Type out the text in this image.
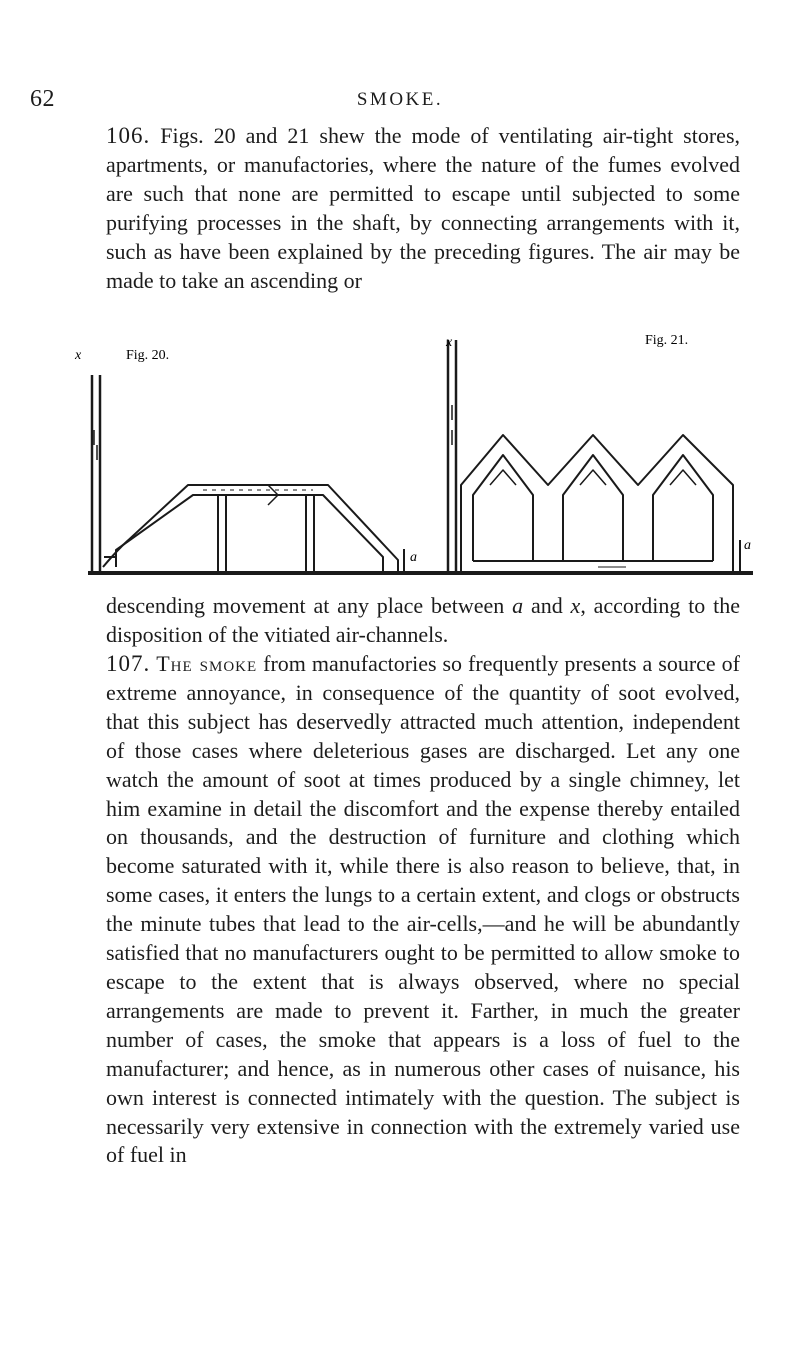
62	SMOKE.

106. Figs. 20 and 21 shew the mode of ventilating air-tight stores, apartments, or manufactories, where the nature of the fumes evolved are such that none are permitted to escape until subjected to some purifying processes in the shaft, by connecting arrangements with it, such as have been explained by the preceding figures. The air may be made to take an ascending or

x	Fig. 20.
a
x	Fig. 21.
a

descending movement at any place between a and x, according to the disposition of the vitiated air-channels.

107. The smoke from manufactories so frequently presents a source of extreme annoyance, in consequence of the quantity of soot evolved, that this subject has deservedly attracted much attention, independent of those cases where deleterious gases are discharged. Let any one watch the amount of soot at times produced by a single chimney, let him examine in detail the discomfort and the expense thereby entailed on thousands, and the destruction of furniture and clothing which become saturated with it, while there is also reason to believe, that, in some cases, it enters the lungs to a certain extent, and clogs or obstructs the minute tubes that lead to the air-cells,—and he will be abundantly satisfied that no manufacturers ought to be permitted to allow smoke to escape to the extent that is always observed, where no special arrangements are made to prevent it. Farther, in much the greater number of cases, the smoke that appears is a loss of fuel to the manufacturer; and hence, as in numerous other cases of nuisance, his own interest is connected intimately with the question. The subject is necessarily very extensive in connection with the extremely varied use of fuel in
